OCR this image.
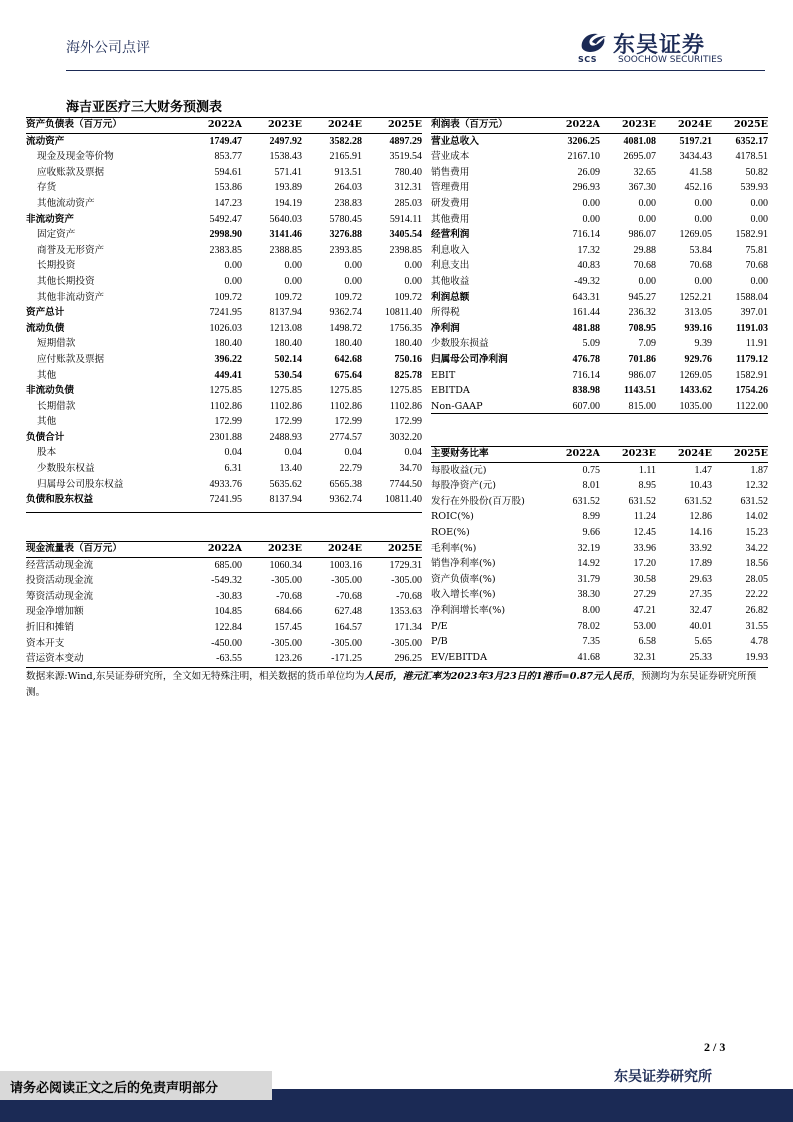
海外公司点评
SCS
东吴证券
SOOCHOW SECURITIES
海吉亚医疗三大财务预测表
资产负债表（百万元）	2022A	2023E	2024E	2025E
流动资产	1749.47	2497.92	3582.28	4897.29
现金及现金等价物	853.77	1538.43	2165.91	3519.54
应收账款及票据	594.61	571.41	913.51	780.40
存货	153.86	193.89	264.03	312.31
其他流动资产	147.23	194.19	238.83	285.03
非流动资产	5492.47	5640.03	5780.45	5914.11
固定资产	2998.90	3141.46	3276.88	3405.54
商誉及无形资产	2383.85	2388.85	2393.85	2398.85
长期投资	0.00	0.00	0.00	0.00
其他长期投资	0.00	0.00	0.00	0.00
其他非流动资产	109.72	109.72	109.72	109.72
资产总计	7241.95	8137.94	9362.74	10811.40
流动负债	1026.03	1213.08	1498.72	1756.35
短期借款	180.40	180.40	180.40	180.40
应付账款及票据	396.22	502.14	642.68	750.16
其他	449.41	530.54	675.64	825.78
非流动负债	1275.85	1275.85	1275.85	1275.85
长期借款	1102.86	1102.86	1102.86	1102.86
其他	172.99	172.99	172.99	172.99
负债合计	2301.88	2488.93	2774.57	3032.20
股本	0.04	0.04	0.04	0.04
少数股东权益	6.31	13.40	22.79	34.70
归属母公司股东权益	4933.76	5635.62	6565.38	7744.50
负债和股东权益	7241.95	8137.94	9362.74	10811.40
利润表（百万元）	2022A	2023E	2024E	2025E
营业总收入	3206.25	4081.08	5197.21	6352.17
营业成本	2167.10	2695.07	3434.43	4178.51
销售费用	26.09	32.65	41.58	50.82
管理费用	296.93	367.30	452.16	539.93
研发费用	0.00	0.00	0.00	0.00
其他费用	0.00	0.00	0.00	0.00
经营利润	716.14	986.07	1269.05	1582.91
利息收入	17.32	29.88	53.84	75.81
利息支出	40.83	70.68	70.68	70.68
其他收益	-49.32	0.00	0.00	0.00
利润总额	643.31	945.27	1252.21	1588.04
所得税	161.44	236.32	313.05	397.01
净利润	481.88	708.95	939.16	1191.03
少数股东损益	5.09	7.09	9.39	11.91
归属母公司净利润	476.78	701.86	929.76	1179.12
EBIT	716.14	986.07	1269.05	1582.91
EBITDA	838.98	1143.51	1433.62	1754.26
Non-GAAP	607.00	815.00	1035.00	1122.00
主要财务比率	2022A	2023E	2024E	2025E
每股收益(元)	0.75	1.11	1.47	1.87
每股净资产(元)	8.01	8.95	10.43	12.32
发行在外股份(百万股)	631.52	631.52	631.52	631.52
ROIC(%)	8.99	11.24	12.86	14.02
ROE(%)	9.66	12.45	14.16	15.23
毛利率(%)	32.19	33.96	33.92	34.22
销售净利率(%)	14.92	17.20	17.89	18.56
资产负债率(%)	31.79	30.58	29.63	28.05
收入增长率(%)	38.30	27.29	27.35	22.22
净利润增长率(%)	8.00	47.21	32.47	26.82
P/E	78.02	53.00	40.01	31.55
P/B	7.35	6.58	5.65	4.78
EV/EBITDA	41.68	32.31	25.33	19.93
现金流量表（百万元）	2022A	2023E	2024E	2025E
经营活动现金流	685.00	1060.34	1003.16	1729.31
投资活动现金流	-549.32	-305.00	-305.00	-305.00
筹资活动现金流	-30.83	-70.68	-70.68	-70.68
现金净增加额	104.85	684.66	627.48	1353.63
折旧和摊销	122.84	157.45	164.57	171.34
资本开支	-450.00	-305.00	-305.00	-305.00
营运资本变动	-63.55	123.26	-171.25	296.25
数据来源:Wind,东吴证券研究所，全文如无特殊注明，相关数据的货币单位均为人民币，港元汇率为2023年3月23日的1港币=0.87元人民币，预测均为东吴证券研究所预测。
2 / 3
东吴证券研究所
请务必阅读正文之后的免责声明部分
